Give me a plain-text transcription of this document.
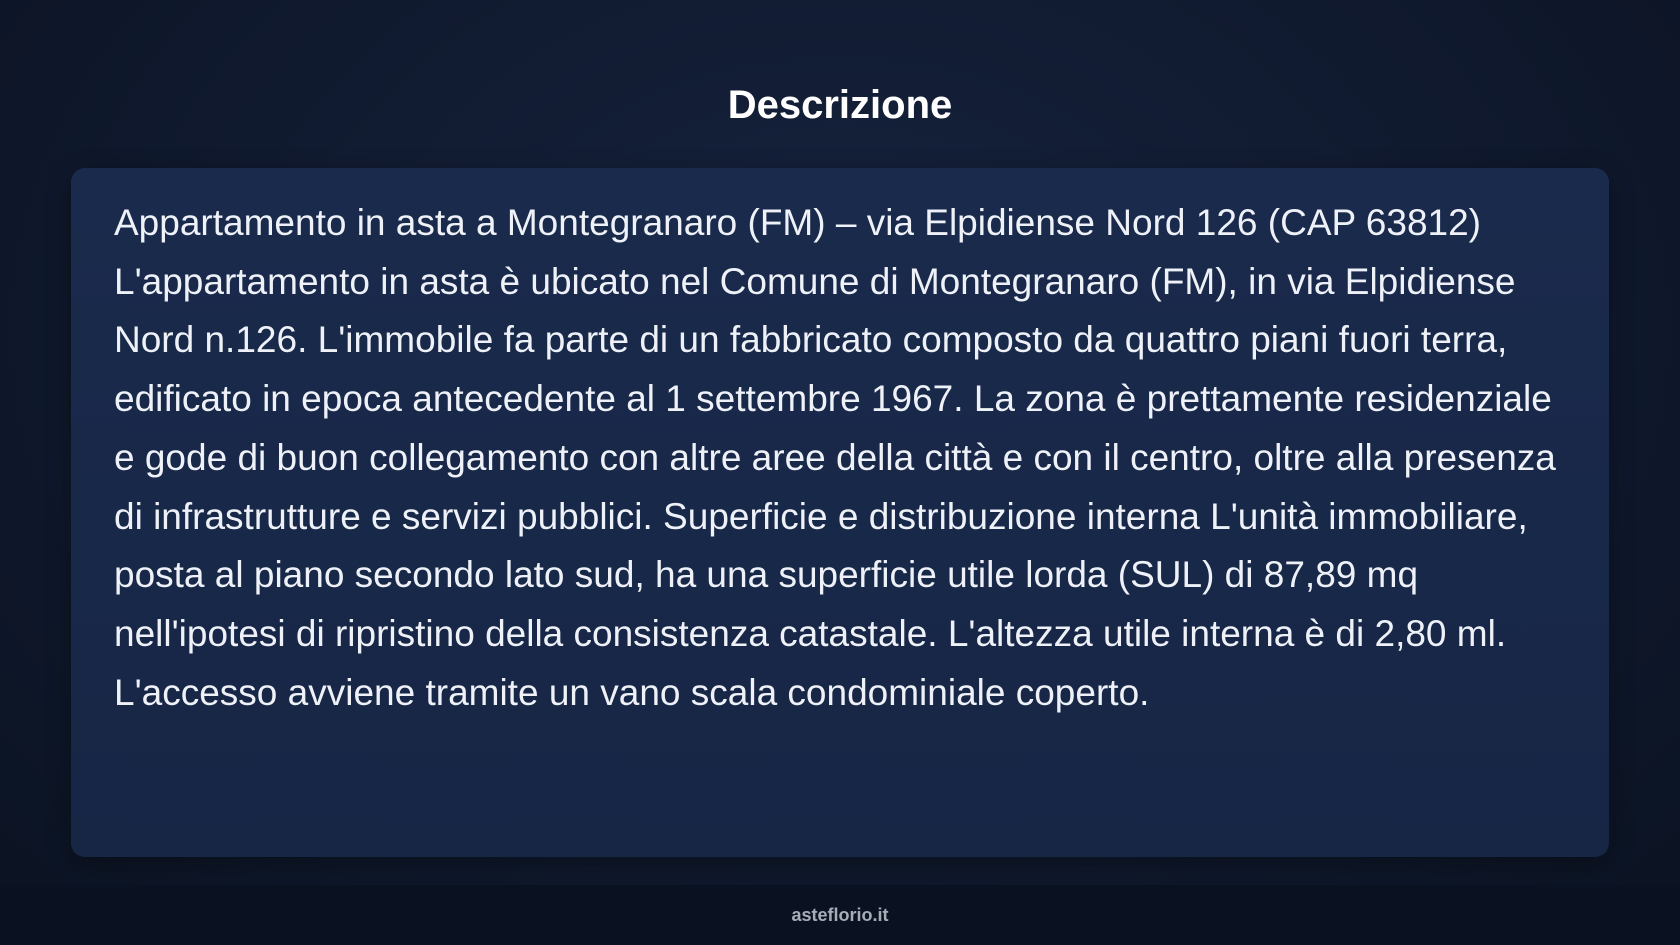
Descrizione

Appartamento in asta a Montegranaro (FM) – via Elpidiense Nord 126 (CAP 63812) L'appartamento in asta è ubicato nel Comune di Montegranaro (FM), in via Elpidiense Nord n.126. L'immobile fa parte di un fabbricato composto da quattro piani fuori terra, edificato in epoca antecedente al 1 settembre 1967. La zona è prettamente residenziale e gode di buon collegamento con altre aree della città e con il centro, oltre alla presenza di infrastrutture e servizi pubblici. Superficie e distribuzione interna L'unità immobiliare, posta al piano secondo lato sud, ha una superficie utile lorda (SUL) di 87,89 mq nell'ipotesi di ripristino della consistenza catastale. L'altezza utile interna è di 2,80 ml. L'accesso avviene tramite un vano scala condominiale coperto.

asteflorio.it
